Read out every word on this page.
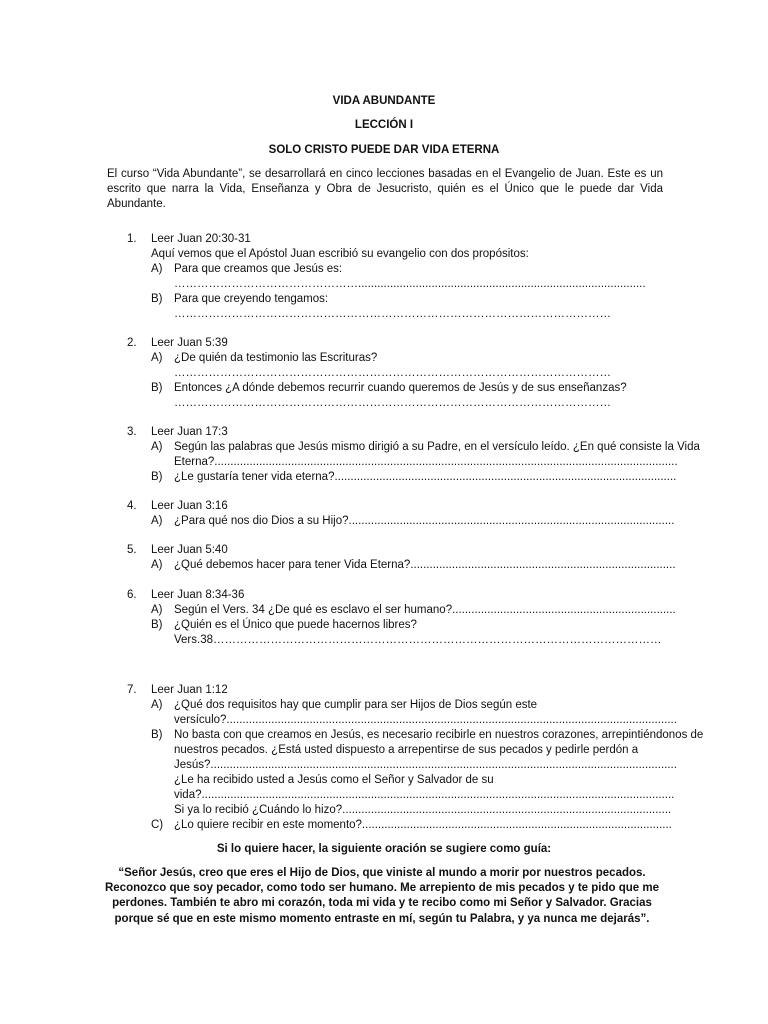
VIDA ABUNDANTE
LECCIÓN I
SOLO CRISTO PUEDE DAR VIDA ETERNA
El curso “Vida Abundante”, se desarrollará en cinco lecciones basadas en el Evangelio de Juan. Este es un escrito que narra la Vida, Enseñanza y Obra de Jesucristo, quién es el Único que le puede dar Vida Abundante.
1.	Leer Juan 20:30-31
Aquí vemos que el Apóstol Juan escribió su evangelio con dos propósitos:
A)	Para que creamos que Jesús es:
…………………………………………..........................................................................................
B)	Para que creyendo tengamos:
……………………………………………………………………………………………………
2.	Leer Juan 5:39
A)	¿De quién da testimonio las Escrituras?
……………………………………………………………………………………………………
B)	Entonces ¿A dónde debemos recurrir cuando queremos de Jesús y de sus enseñanzas?
……………………………………………………………………………………………………
3.	Leer Juan 17:3
A)	Según las palabras que Jesús mismo dirigió a su Padre, en el versículo leído. ¿En qué consiste la Vida
Eterna?.................................................................................................................................................
B)	¿Le gustaría tener vida eterna?...........................................................................................................
4.	Leer Juan 3:16
A)	¿Para qué nos dio Dios a su Hijo?......................................................................................................
5.	Leer Juan 5:40
A)	¿Qué debemos hacer para tener Vida Eterna?...................................................................................
6.	Leer Juan 8:34-36
A)	Según el Vers. 34 ¿De qué es esclavo el ser humano?......................................................................
B)	¿Quién es el Único que puede hacernos libres?
Vers.38………………………………………………………………………………………………………
7.	Leer Juan 1:12
A)	¿Qué dos requisitos hay que cumplir para ser Hijos de Dios según este
versículo?.............................................................................................................................................
B)	No basta con que creamos en Jesús, es necesario recibirle en nuestros corazones, arrepintiéndonos de
nuestros pecados. ¿Está usted dispuesto a arrepentirse de sus pecados y pedirle perdón a
Jesús?..................................................................................................................................................
¿Le ha recibido usted a Jesús como el Señor y Salvador de su
vida?....................................................................................................................................................
Si ya lo recibió ¿Cuándo lo hizo?.......................................................................................................
C) ¿Lo quiere recibir en este momento?.................................................................................................
Si lo quiere hacer, la siguiente oración se sugiere como guía:
“Señor Jesús, creo que eres el Hijo de Dios, que viniste al mundo a morir por nuestros pecados. Reconozco que soy pecador, como todo ser humano. Me arrepiento de mis pecados y te pido que me perdones. También te abro mi corazón, toda mi vida y te recibo como mi Señor y Salvador. Gracias porque sé que en este mismo momento entraste en mí, según tu Palabra, y ya nunca me dejarás”.
